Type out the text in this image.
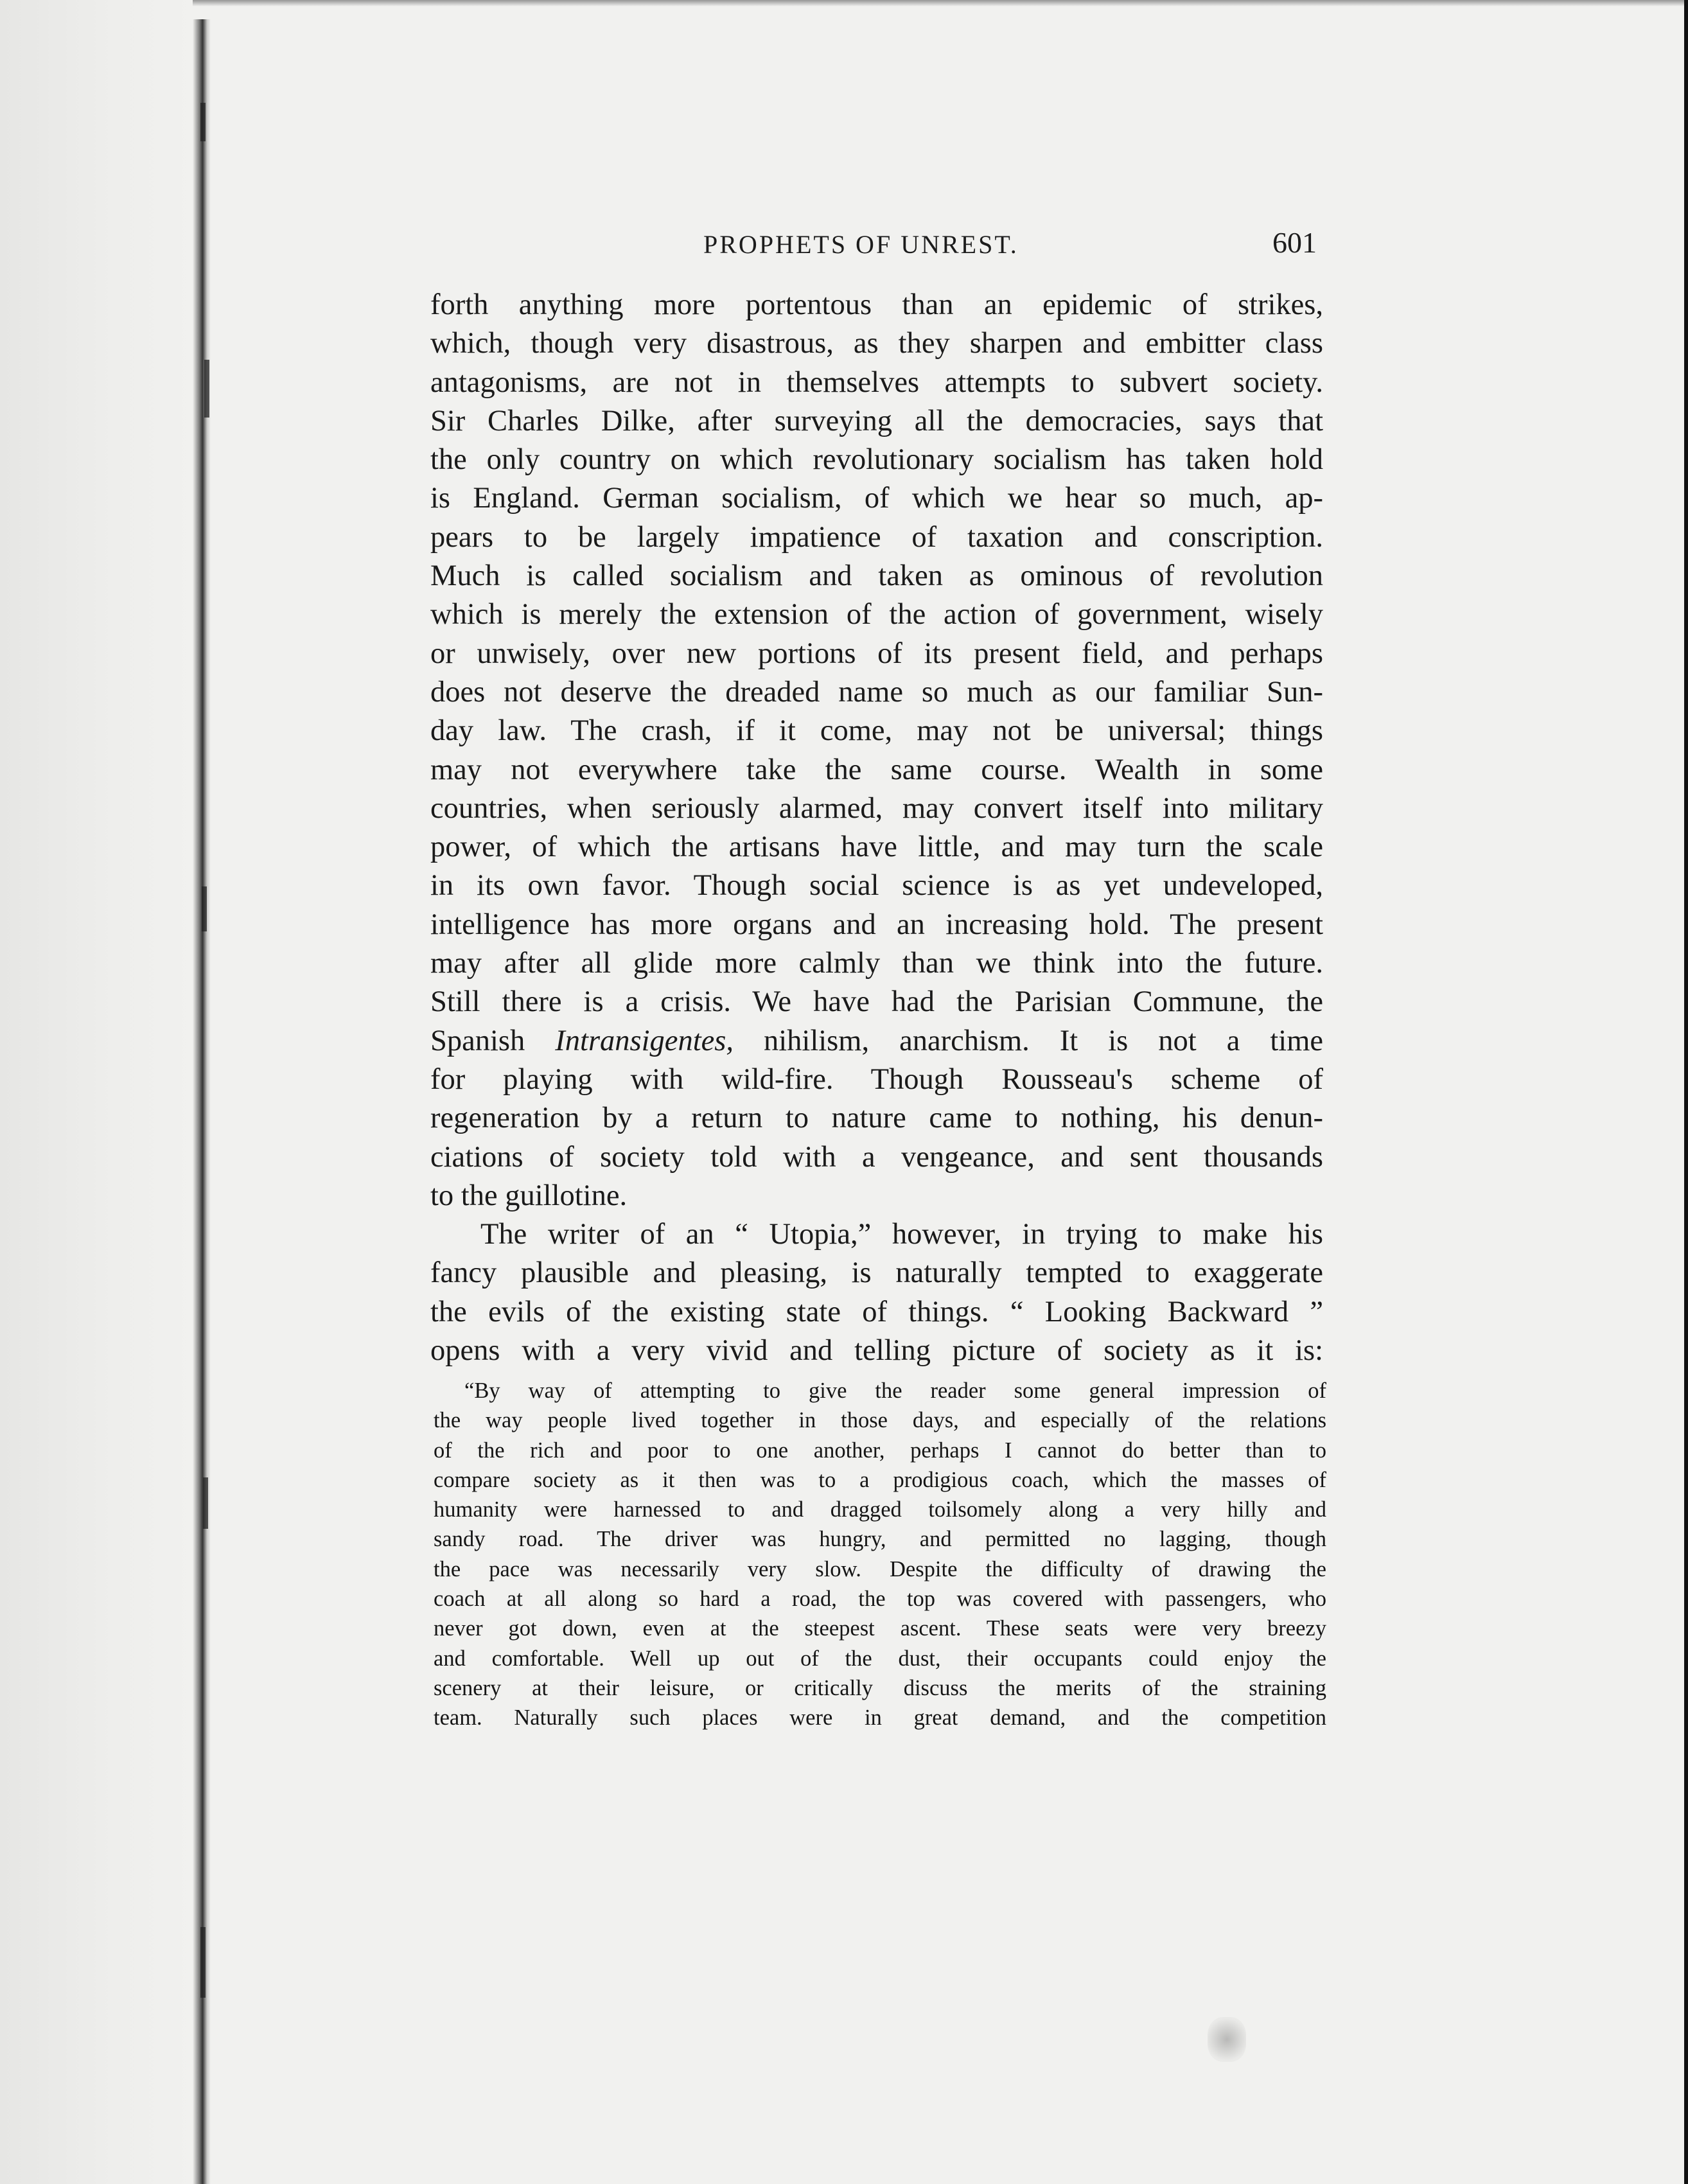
PROPHETS OF UNREST.	601
forth anything more portentous than an epidemic of strikes,
which, though very disastrous, as they sharpen and embitter class
antagonisms, are not in themselves attempts to subvert society.
Sir Charles Dilke, after surveying all the democracies, says that
the only country on which revolutionary socialism has taken hold
is England. German socialism, of which we hear so much, ap-
pears to be largely impatience of taxation and conscription.
Much is called socialism and taken as ominous of revolution
which is merely the extension of the action of government, wisely
or unwisely, over new portions of its present field, and perhaps
does not deserve the dreaded name so much as our familiar Sun-
day law. The crash, if it come, may not be universal; things
may not everywhere take the same course. Wealth in some
countries, when seriously alarmed, may convert itself into military
power, of which the artisans have little, and may turn the scale
in its own favor. Though social science is as yet undeveloped,
intelligence has more organs and an increasing hold. The present
may after all glide more calmly than we think into the future.
Still there is a crisis. We have had the Parisian Commune, the
Spanish Intransigentes, nihilism, anarchism. It is not a time
for playing with wild-fire. Though Rousseau's scheme of
regeneration by a return to nature came to nothing, his denun-
ciations of society told with a vengeance, and sent thousands
to the guillotine.
The writer of an “ Utopia,” however, in trying to make his
fancy plausible and pleasing, is naturally tempted to exaggerate
the evils of the existing state of things. “ Looking Backward ”
opens with a very vivid and telling picture of society as it is:
“By way of attempting to give the reader some general impression of
the way people lived together in those days, and especially of the relations
of the rich and poor to one another, perhaps I cannot do better than to
compare society as it then was to a prodigious coach, which the masses of
humanity were harnessed to and dragged toilsomely along a very hilly and
sandy road. The driver was hungry, and permitted no lagging, though
the pace was necessarily very slow. Despite the difficulty of drawing the
coach at all along so hard a road, the top was covered with passengers, who
never got down, even at the steepest ascent. These seats were very breezy
and comfortable. Well up out of the dust, their occupants could enjoy the
scenery at their leisure, or critically discuss the merits of the straining
team. Naturally such places were in great demand, and the competition
